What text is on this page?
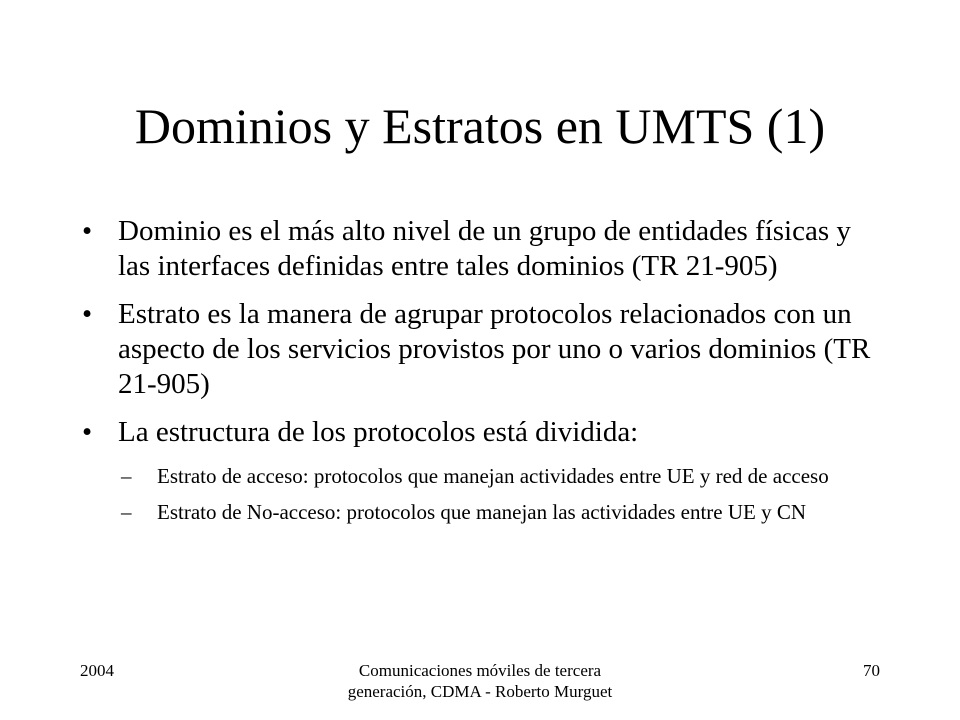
Dominios y Estratos en UMTS (1)
• Dominio es el más alto nivel de un grupo de entidades físicas y las interfaces definidas entre tales dominios (TR 21-905)
• Estrato es la manera de agrupar protocolos relacionados con un aspecto de los servicios provistos por uno o varios dominios (TR 21-905)
• La estructura de los protocolos está dividida:
– Estrato de acceso: protocolos que manejan actividades entre UE y red de acceso
– Estrato de No-acceso: protocolos que manejan las actividades entre UE y CN
2004	Comunicaciones móviles de tercera generación, CDMA - Roberto Murguet
70
